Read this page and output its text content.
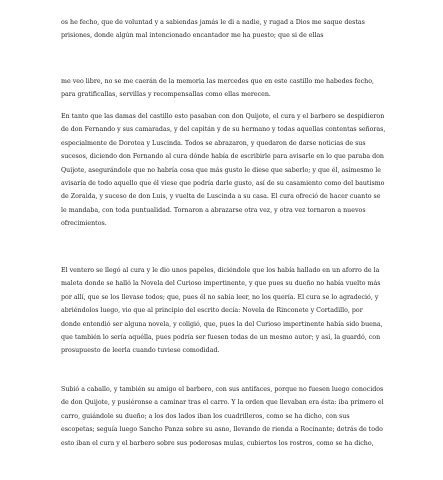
os he fecho, que de voluntad y a sabiendas jamás le di a nadie, y rugad a Dios me saque destas
prisiones, donde algún mal intencionado encantador me ha puesto; que si de ellas

me veo libre, no se me caerán de la memoria las mercedes que en este castillo me habedes fecho,
para gratificallas, servillas y recompensallas como ellas merecen.

En tanto que las damas del castillo esto pasaban con don Quijote, el cura y el barbero se despidieron
de don Fernando y sus camaradas, y del capitán y de su hermano y todas aquellas contentas señoras,
especialmente de Dorotea y Luscinda. Todos se abrazaron, y quedaron de darse noticias de sus
sucesos, diciendo don Fernando al cura dónde había de escribirle para avisarle en lo que paraba don
Quijote, asegurándole que no habría cosa que más gusto le diese que saberlo; y que él, asimesmo le
avisaría de todo aquello que él viese que podría darle gusto, así de su casamiento como del bautismo
de Zoraida, y suceso de don Luis, y vuelta de Luscinda a su casa. El cura ofreció de hacer cuanto se
le mandaba, con toda puntualidad. Tornaron a abrazarse otra vez, y otra vez tornaron a nuevos
ofrecimientos.

El ventero se llegó al cura y le dio unos papeles, diciéndole que los había hallado en un aforro de la
maleta donde se halló la Novela del Curioso impertinente, y que pues su dueño no había vuelto más
por allí, que se los llevase todos; que, pues él no sabía leer, no los quería. El cura se lo agradeció, y
abriéndolos luego, vio que al principio del escrito decía: Novela de Rinconete y Cortadillo, por
donde entendió ser alguna novela, y coligió, que, pues la del Curioso impertinente había sido buena,
que también lo sería aquélla, pues podría ser fuesen todas de un mesmo autor; y así, la guardó, con
prosupuesto de leerla cuando tuviese comodidad.

Subió a caballo, y también su amigo el barbero, con sus antifaces, porque no fuesen luego conocidos
de don Quijote, y pusiéronse a caminar tras el carro. Y la orden que llevaban era ésta: iba primero el
carro, guiándole su dueño; a los dos lados iban los cuadrilleros, como se ha dicho, con sus
escopetas; seguía luego Sancho Panza sobre su asno, llevando de rienda a Rocinante; detrás de todo
esto iban el cura y el barbero sobre sus poderosas mulas, cubiertos los rostros, como se ha dicho,
